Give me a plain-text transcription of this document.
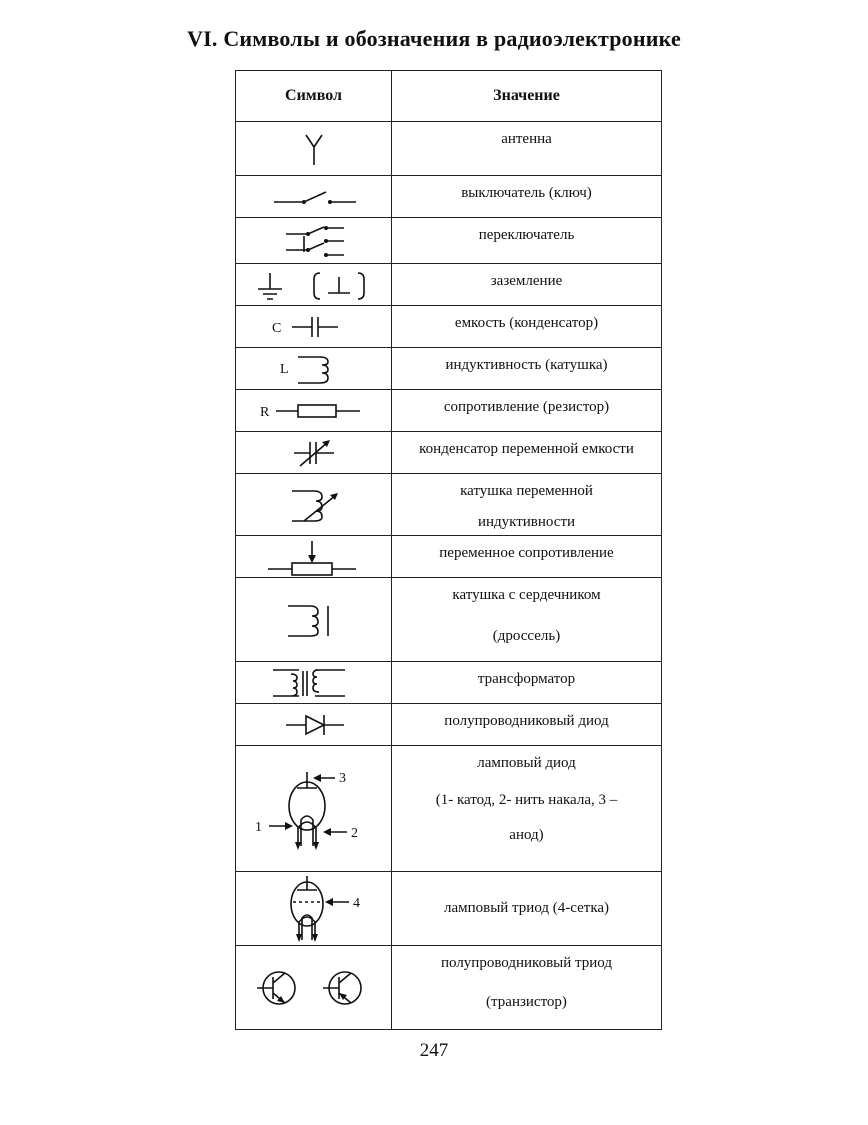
VI. Символы и обозначения в радиоэлектронике
Символ	Значение

	антенна

	выключатель (ключ)

	переключатель

	заземление

C	емкость (конденсатор)

L	индуктивность (катушка)

R	сопротивление (резистор)

	конденсатор переменной емкости

	катушка переменной
индуктивности

	переменное сопротивление

	катушка с сердечником
(дроссель)

	трансформатор

	полупроводниковый диод

3
1 2	ламповый диод
(1- катод, 2- нить накала, 3 –
анод)

4	ламповый триод (4-сетка)

	полупроводниковый триод
(транзистор)
247
